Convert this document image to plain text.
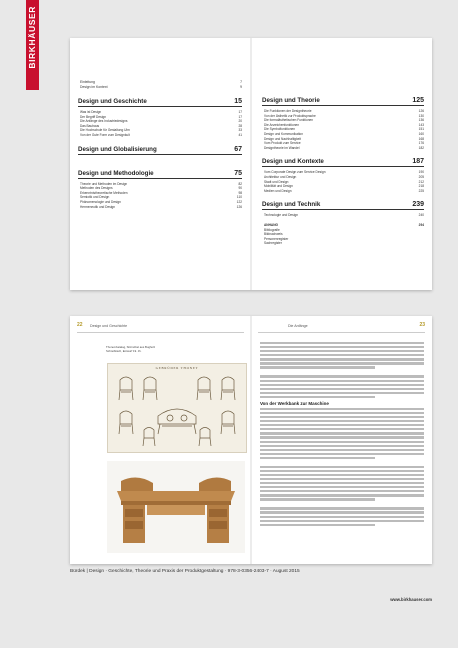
BIRKHÄUSER
Einleitung	7
Design im Kontext	9
Design und Geschichte	15
Was ist Design	17
Der Begriff Design	17
Die Anfänge des Industriedesigns	20
Das Bauhaus	28
Die Hochschule für Gestaltung Ulm	33
Von der Gute Form zum Designkult	41
Design und Globalisierung	67
Design und Methodologie	75
Theorie und Methoden im Design	82
Methoden des Designs	90
Erkenntnistheoretische Methoden	98
Semiotik und Design	110
Phänomenologie und Design	122
Hermeneutik und Design	126
Design und Theorie	125
Die Funktionen der Designtheorie	126
Von der Ästhetik zur Produktsprache	130
Die formalästhetischen Funktionen	136
Die Anzeichenfunktionen	143
Die Symbolfunktionen	151
Design und Kommunikation	160
Design und Nachhaltigkeit	168
Vom Produkt zum Service	176
Designtheorie im Wandel	182
Design und Kontexte	187
Vom Corporate Design zum Service Design	190
Architektur und Design	205
Stadt und Design	212
Mobilität und Design	218
Medien und Design	225
Design und Technik	239
Technologie und Design	240
ANHANG	294
Bibliografie
Bildnachweis
Personenregister
Sachregister
22 Design und Geschichte
Thonet-Katalog, Sitzmöbel aus Bugholz
Schreibtisch, Entwurf 19. Jh.
GEBRÜDER THONET
Die Anfänge	23
Von der Werkbank zur Maschine
Bürdek | Design · Geschichte, Theorie und Praxis der Produktgestaltung · 978-3-0356-2403-7 · August 2015
www.birkhauser.com
